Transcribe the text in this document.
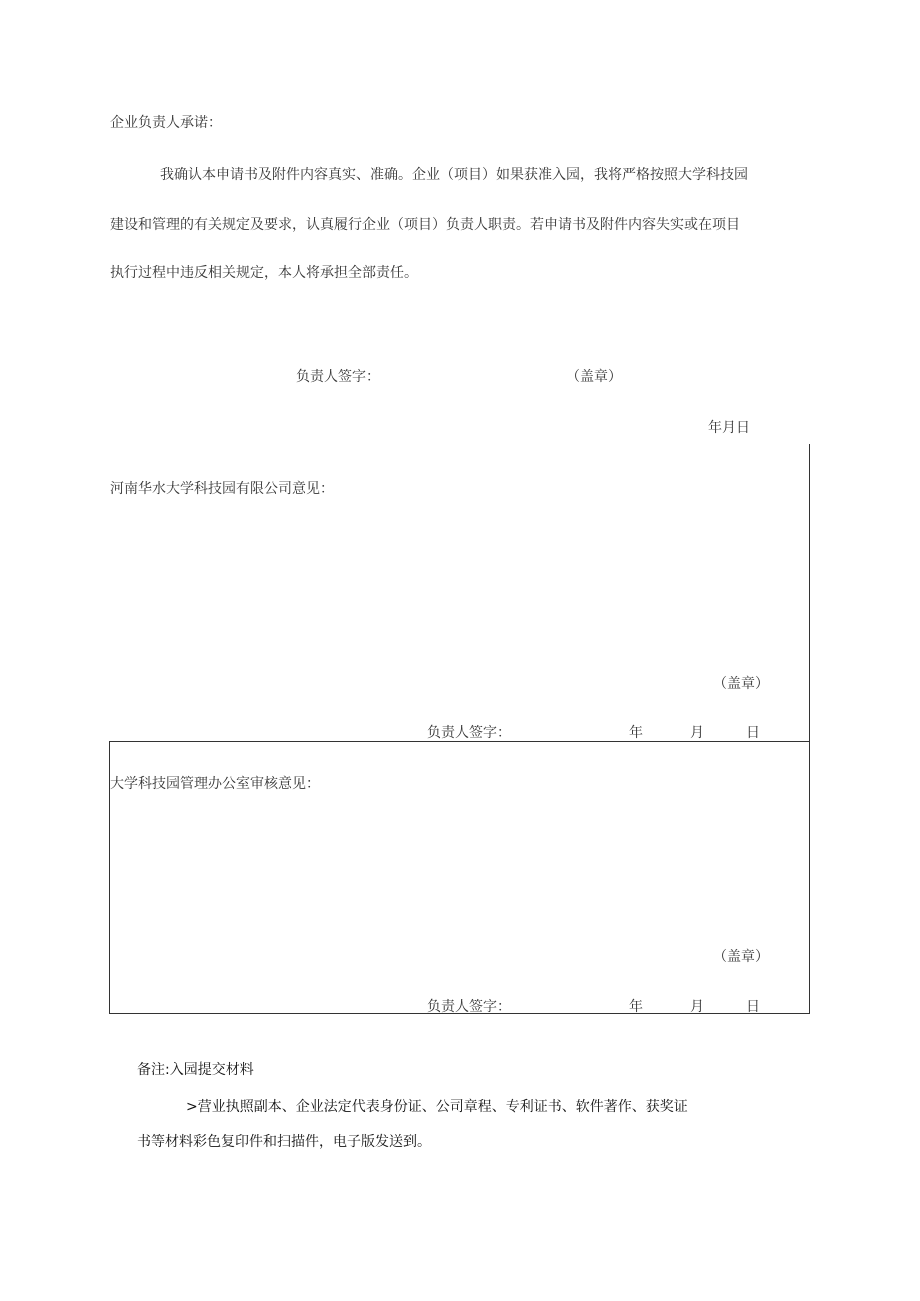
企业负责人承诺：
我确认本申请书及附件内容真实、准确。企业（项目）如果获准入园，我将严格按照大学科技园
建设和管理的有关规定及要求，认真履行企业（项目）负责人职责。若申请书及附件内容失实或在项目
执行过程中违反相关规定，本人将承担全部责任。
负责人签字：	（盖章）
年月日
河南华水大学科技园有限公司意见：
（盖章）
负责人签字：	年	月	日
大学科技园管理办公室审核意见：
（盖章）
负责人签字：	年	月	日
备注:入园提交材料
>营业执照副本、企业法定代表身份证、公司章程、专利证书、软件著作、获奖证
书等材料彩色复印件和扫描件，电子版发送到。
